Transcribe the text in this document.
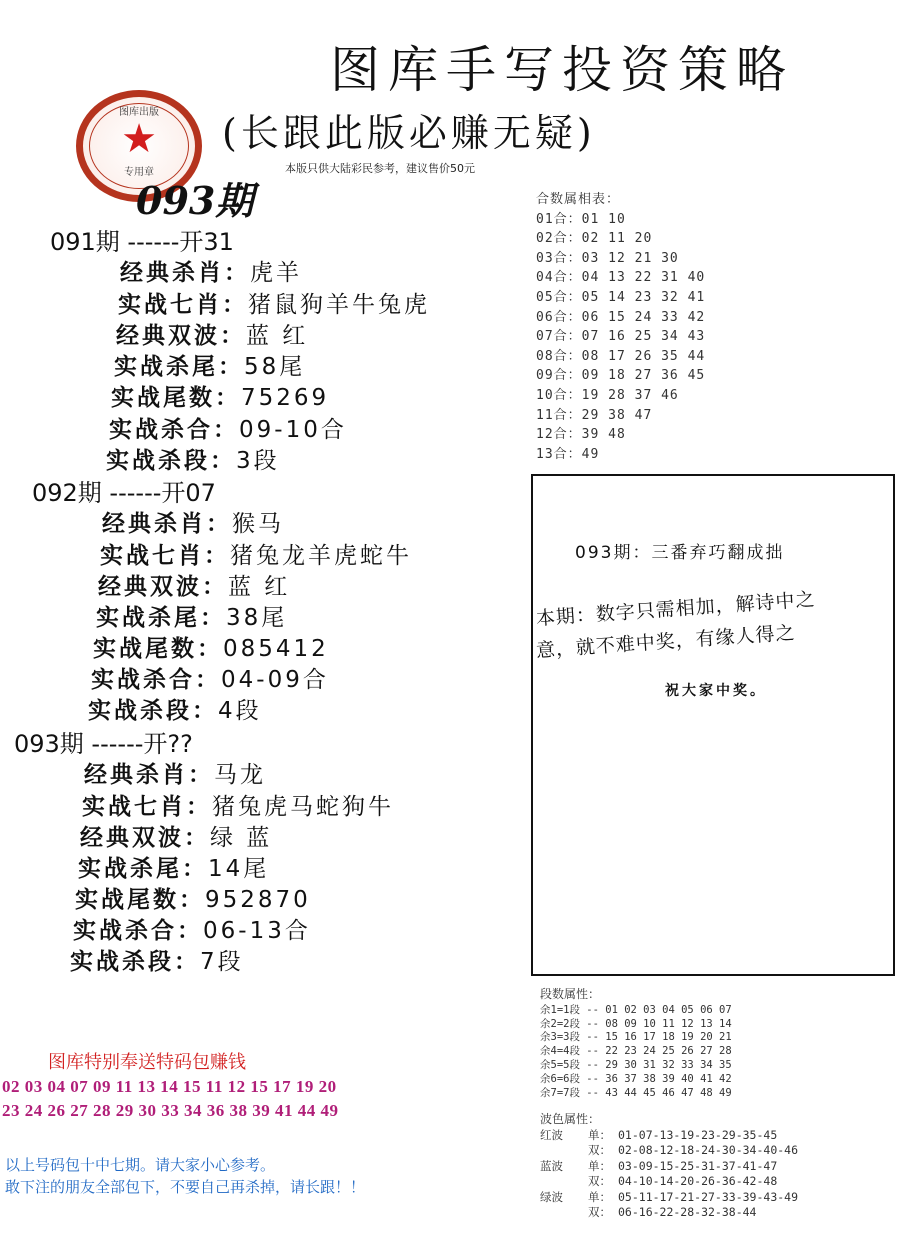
图库手写投资策略
(长跟此版必赚无疑)
本版只供大陆彩民参考，建议售价50元
图库出版
★
专用章
093期
091期 ------开31
经典杀肖：虎羊
实战七肖：猪鼠狗羊牛兔虎
经典双波：蓝 红
实战杀尾：58尾
实战尾数：75269
实战杀合：09-10合
实战杀段：3段
092期 ------开07
经典杀肖：猴马
实战七肖：猪兔龙羊虎蛇牛
经典双波：蓝 红
实战杀尾：38尾
实战尾数：085412
实战杀合：04-09合
实战杀段：4段
093期 ------开??
经典杀肖：马龙
实战七肖：猪兔虎马蛇狗牛
经典双波：绿 蓝
实战杀尾：14尾
实战尾数：952870
实战杀合：06-13合
实战杀段：7段
合数属相表：
01合：01 10
02合：02 11 20
03合：03 12 21 30
04合：04 13 22 31 40
05合：05 14 23 32 41
06合：06 15 24 33 42
07合：07 16 25 34 43
08合：08 17 26 35 44
09合：09 18 27 36 45
10合：19 28 37 46
11合：29 38 47
12合：39 48
13合：49
093期：三番弃巧翻成拙
本期：数字只需相加，解诗中之
意，就不难中奖，有缘人得之
祝大家中奖。
段数属性：
余1=1段 -- 01 02 03 04 05 06 07
余2=2段 -- 08 09 10 11 12 13 14
余3=3段 -- 15 16 17 18 19 20 21
余4=4段 -- 22 23 24 25 26 27 28
余5=5段 -- 29 30 31 32 33 34 35
余6=6段 -- 36 37 38 39 40 41 42
余7=7段 -- 43 44 45 46 47 48 49
波色属性：
红波 单： 01-07-13-19-23-29-35-45
双： 02-08-12-18-24-30-34-40-46
蓝波 单： 03-09-15-25-31-37-41-47
双： 04-10-14-20-26-36-42-48
绿波 单： 05-11-17-21-27-33-39-43-49
双： 06-16-22-28-32-38-44
图库特别奉送特码包赚钱
02 03 04 07 09 11 13 14 15 11 12 15 17 19 20
23 24 26 27 28 29 30 33 34 36 38 39 41 44 49
以上号码包十中七期。请大家小心参考。
敢下注的朋友全部包下，不要自己再杀掉，请长跟！！
